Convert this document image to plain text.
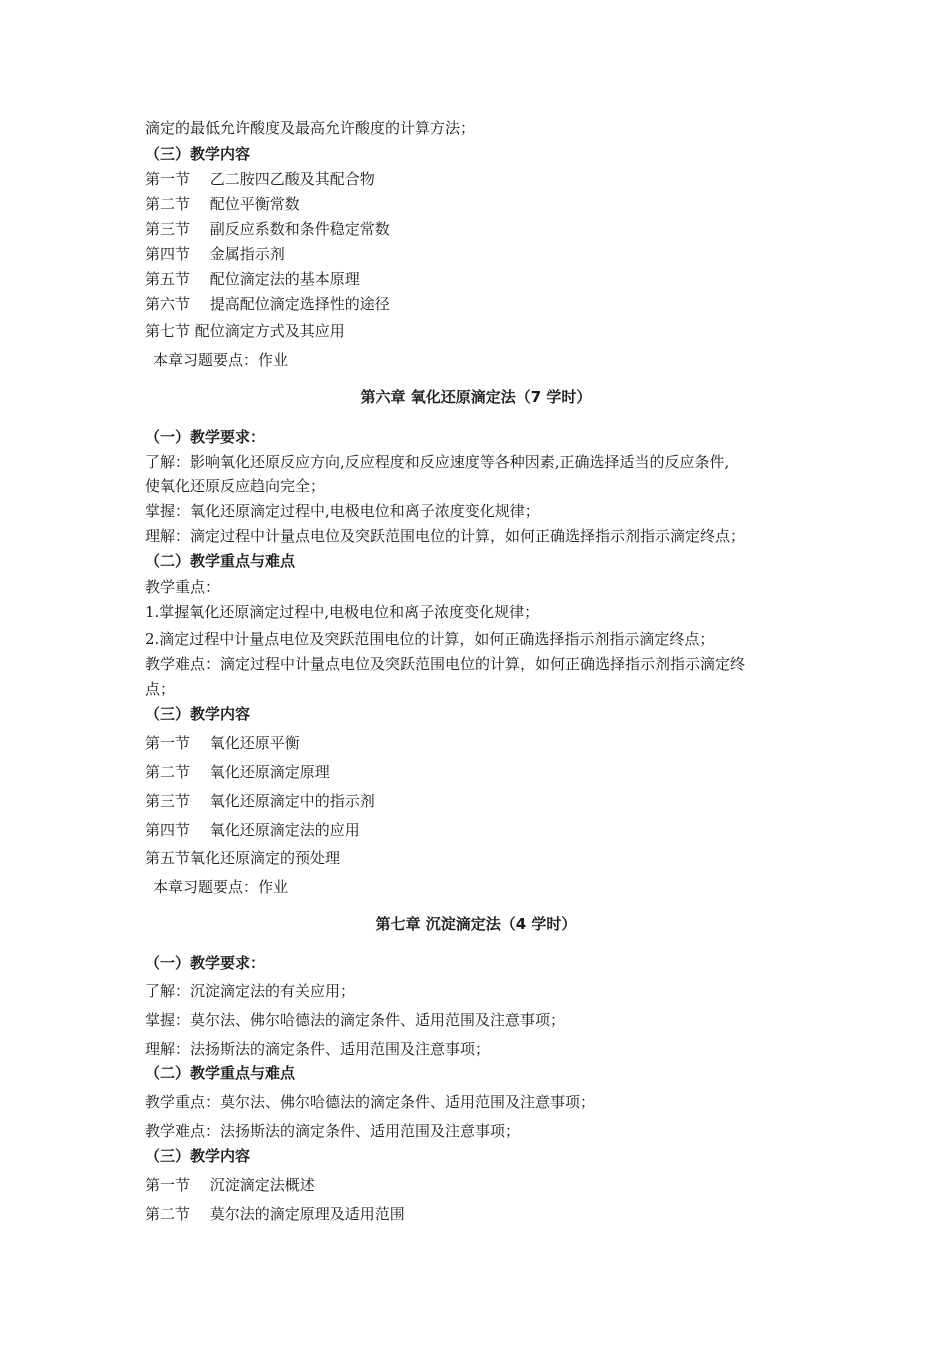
滴定的最低允许酸度及最高允许酸度的计算方法；
（三）教学内容
第一节　 乙二胺四乙酸及其配合物
第二节　 配位平衡常数
第三节　 副反应系数和条件稳定常数
第四节　 金属指示剂
第五节　 配位滴定法的基本原理
第六节　 提高配位滴定选择性的途径
第七节 配位滴定方式及其应用
本章习题要点：作业
第六章 氧化还原滴定法（7 学时）
（一）教学要求：
了解：影响氧化还原反应方向,反应程度和反应速度等各种因素,正确选择适当的反应条件,
使氧化还原反应趋向完全；
掌握：氧化还原滴定过程中,电极电位和离子浓度变化规律；
理解：滴定过程中计量点电位及突跃范围电位的计算，如何正确选择指示剂指示滴定终点；
（二）教学重点与难点
教学重点：
1.掌握氧化还原滴定过程中,电极电位和离子浓度变化规律；
2.滴定过程中计量点电位及突跃范围电位的计算，如何正确选择指示剂指示滴定终点；
教学难点：滴定过程中计量点电位及突跃范围电位的计算，如何正确选择指示剂指示滴定终
点；
（三）教学内容
第一节　 氧化还原平衡
第二节　 氧化还原滴定原理
第三节　 氧化还原滴定中的指示剂
第四节　 氧化还原滴定法的应用
第五节氧化还原滴定的预处理
本章习题要点：作业
第七章 沉淀滴定法（4 学时）
（一）教学要求：
了解：沉淀滴定法的有关应用；
掌握：莫尔法、佛尔哈德法的滴定条件、适用范围及注意事项；
理解：法扬斯法的滴定条件、适用范围及注意事项；
（二）教学重点与难点
教学重点：莫尔法、佛尔哈德法的滴定条件、适用范围及注意事项；
教学难点：法扬斯法的滴定条件、适用范围及注意事项；
（三）教学内容
第一节　 沉淀滴定法概述
第二节　 莫尔法的滴定原理及适用范围
